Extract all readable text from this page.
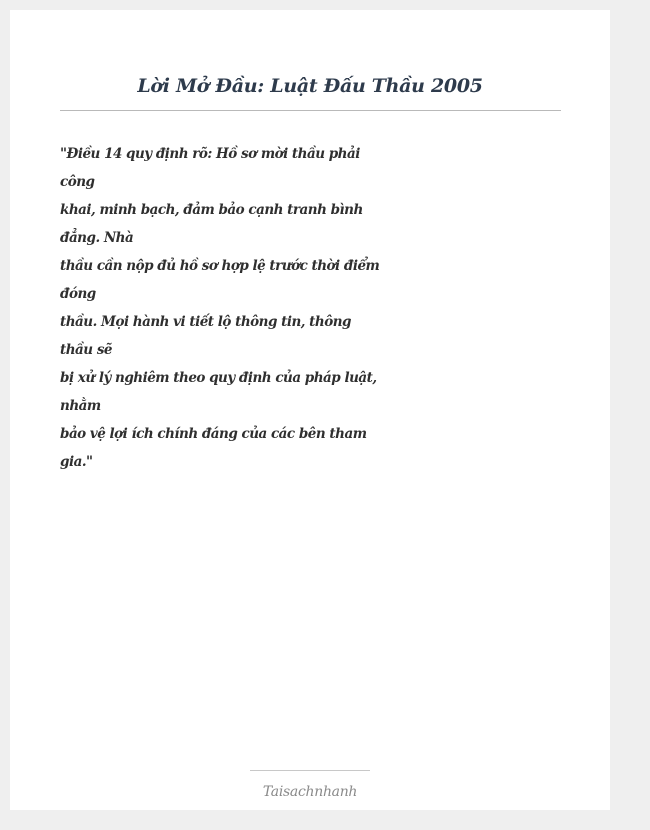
Lời Mở Đầu: Luật Đấu Thầu 2005
"Điều 14 quy định rõ: Hồ sơ mời thầu phải
công
khai, minh bạch, đảm bảo cạnh tranh bình
đẳng. Nhà
thầu cần nộp đủ hồ sơ hợp lệ trước thời điểm
đóng
thầu. Mọi hành vi tiết lộ thông tin, thông
thầu sẽ
bị xử lý nghiêm theo quy định của pháp luật,
nhằm
bảo vệ lợi ích chính đáng của các bên tham
gia."
Taisachnhanh
